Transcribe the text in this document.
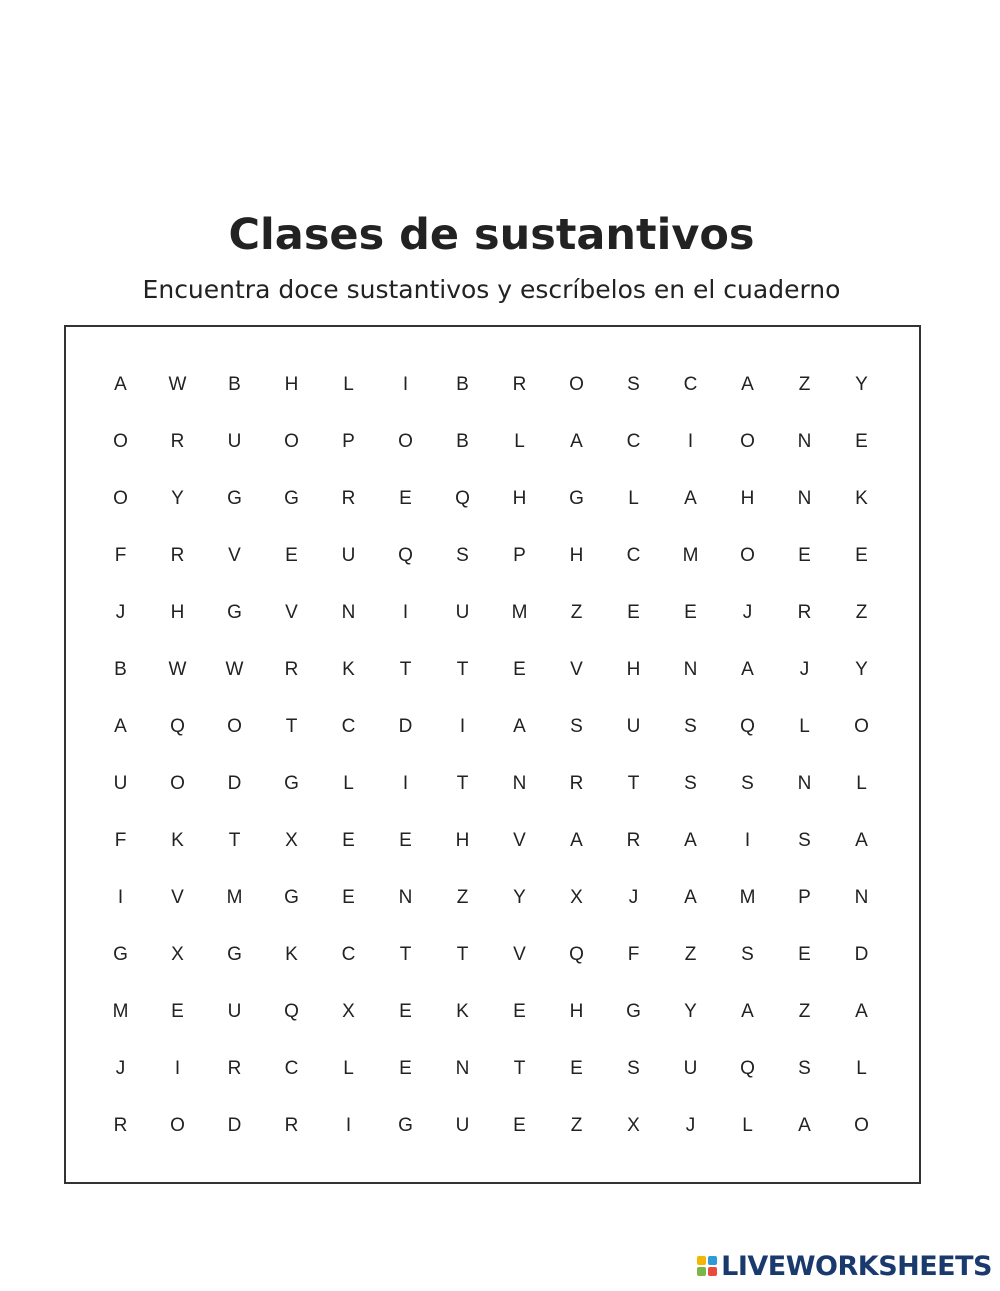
Clases de sustantivos

Encuentra doce sustantivos y escríbelos en el cuaderno

A	W	B	H	L	I	B	R	O	S	C	A	Z	Y
O	R	U	O	P	O	B	L	A	C	I	O	N	E
O	Y	G	G	R	E	Q	H	G	L	A	H	N	K
F	R	V	E	U	Q	S	P	H	C	M	O	E	E
J	H	G	V	N	I	U	M	Z	E	E	J	R	Z
B	W	W	R	K	T	T	E	V	H	N	A	J	Y
A	Q	O	T	C	D	I	A	S	U	S	Q	L	O
U	O	D	G	L	I	T	N	R	T	S	S	N	L
F	K	T	X	E	E	H	V	A	R	A	I	S	A
I	V	M	G	E	N	Z	Y	X	J	A	M	P	N
G	X	G	K	C	T	T	V	Q	F	Z	S	E	D
M	E	U	Q	X	E	K	E	H	G	Y	A	Z	A
J	I	R	C	L	E	N	T	E	S	U	Q	S	L
R	O	D	R	I	G	U	E	Z	X	J	L	A	O
LIVEWORKSHEETS
